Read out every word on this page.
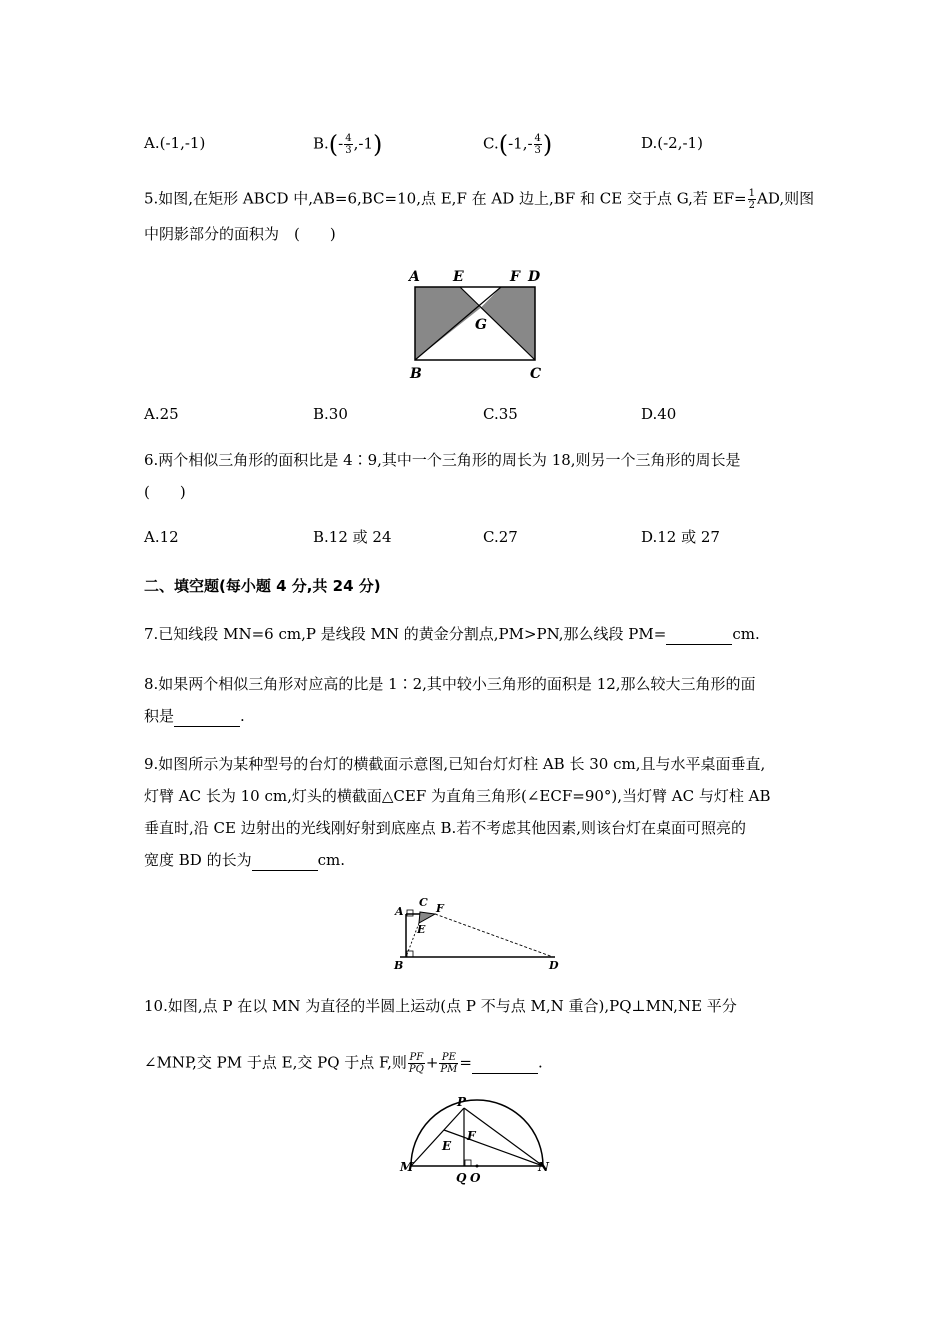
A.(-1,-1)	$B.(- \frac{4}{3} ,-1)$	$C.(-1,- \frac{4}{3}$ )	D.(-2,-1)
5.如图,在矩形 ABCD 中,AB=6,BC=10,点 E,F 在 AD 边上,BF 和 CE 交于点 G,若 $EF= \frac{1}{2}$ AD,则图
中阴影部分的面积为　(　　)
A E	F D
G
B	C
A.25	B.30	C.35	D.40
6.两个相似三角形的面积比是 4∶9,其中一个三角形的周长为 18,则另一个三角形的周长是
(　　)
A.12	B.12 或 24	C.27	D.12 或 27
二、填空题(每小题 4 分,共 24 分)
7.已知线段 MN=6 cm,P 是线段 MN 的黄金分割点,PM>PN,那么线段 PM=	cm.
8.如果两个相似三角形对应高的比是 1∶2,其中较小三角形的面积是 12,那么较大三角形的面
积是	.
9.如图所示为某种型号的台灯的横截面示意图,已知台灯灯柱 AB 长 30 cm,且与水平桌面垂直,
灯臂 AC 长为 10 cm,灯头的横截面△CEF 为直角三角形(∠ECF=90°),当灯臂 AC 与灯柱 AB
垂直时,沿 CE 边射出的光线刚好射到底座点 B.若不考虑其他因素,则该台灯在桌面可照亮的
宽度 BD 的长为	cm.
A
C F
E
B	D
10.如图,点 P 在以 MN 为直径的半圆上运动(点 P 不与点 M,N 重合),PQ⊥MN,NE 平分
∠MNP,交 PM 于点 E,交 PQ 于点 F,则 $\frac{PF}{PQ} + \frac{PE}{PM}$ =	.
P
F
E
M	N
Q O
